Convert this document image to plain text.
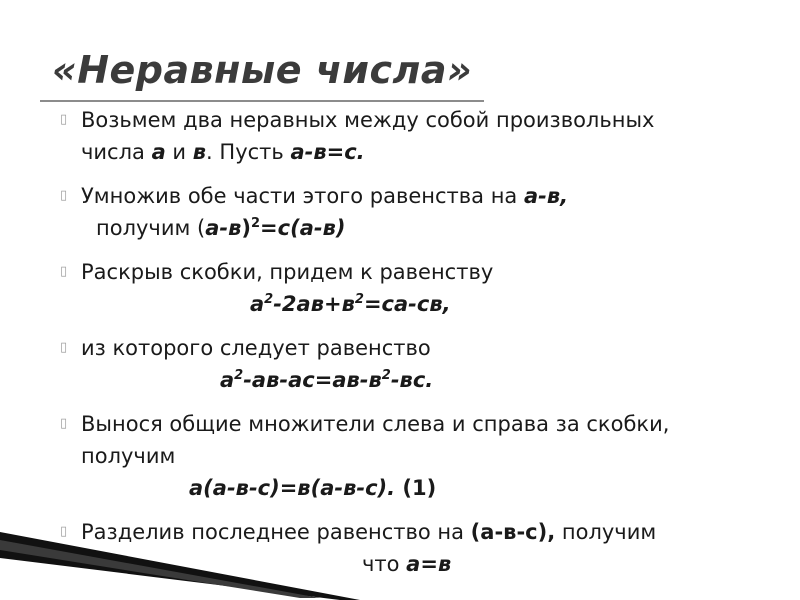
«Неравные числа»
▯ Возьмем два неравных между собой произвольных
числа а и в. Пусть а-в=с.
▯ Умножив обе части этого равенства на а-в,
получим $(а-в)^2=с(а-в)$
▯ Раскрыв скобки, придем к равенству
$а^2-2ав+в^2=са-св$,
▯ из которого следует равенство
$а^2-ав-ас=ав-в^2-вс$.
▯ Вынося общие множители слева и справа за скобки,
получим
а(а-в-с)=в(а-в-с). (1)
▯ Разделив последнее равенство на (а-в-с), получим
что а=в
